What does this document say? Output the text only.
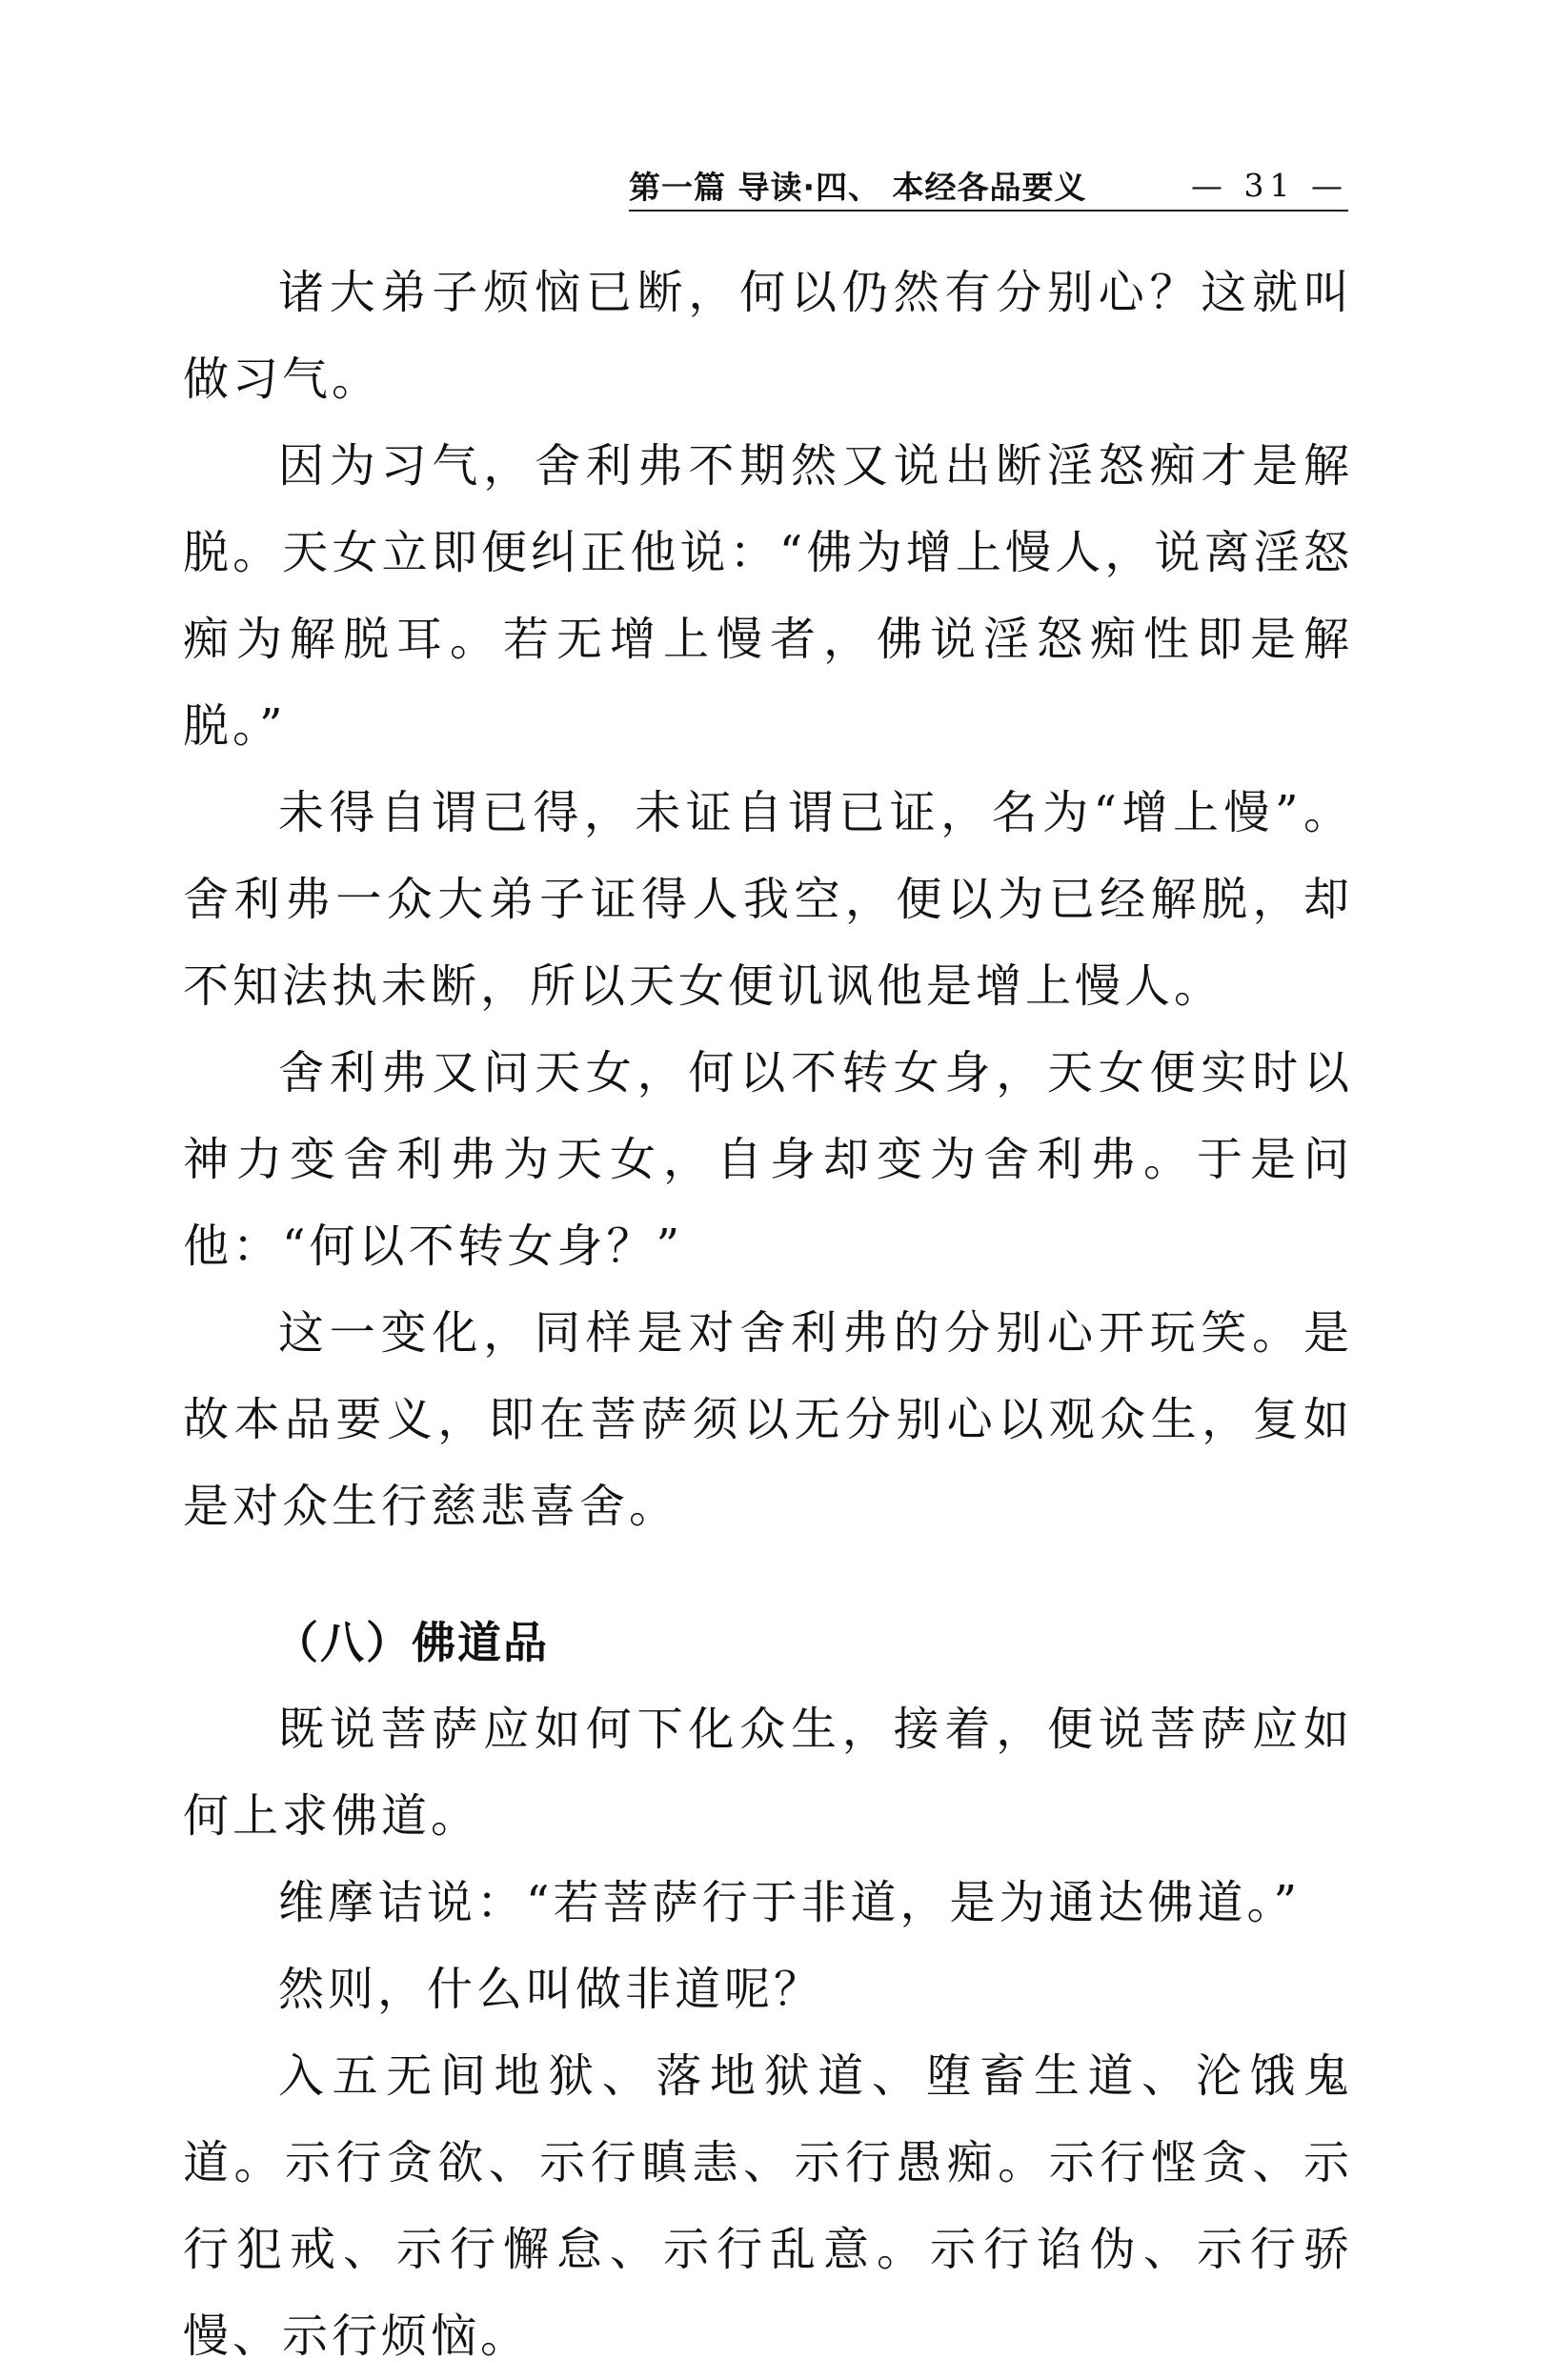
第一篇 导读·四、 本经各品要义	— 31 —

诸大弟子烦恼已断，何以仍然有分别心？这就叫做习气。

因为习气，舍利弗不期然又说出断淫怒痴才是解脱。天女立即便纠正他说：“佛为增上慢人，说离淫怒痴为解脱耳。若无增上慢者，佛说淫怒痴性即是解脱。”

未得自谓已得，未证自谓已证，名为“增上慢”。舍利弗一众大弟子证得人我空，便以为已经解脱，却不知法执未断，所以天女便讥讽他是增上慢人。

舍利弗又问天女，何以不转女身，天女便实时以神力变舍利弗为天女，自身却变为舍利弗。于是问他：“何以不转女身？”

这一变化，同样是对舍利弗的分别心开玩笑。是故本品要义，即在菩萨须以无分别心以观众生，复如是对众生行慈悲喜舍。

（八）佛道品

既说菩萨应如何下化众生，接着，便说菩萨应如何上求佛道。

维摩诘说：“若菩萨行于非道，是为通达佛道。”

然则，什么叫做非道呢？

入五无间地狱、落地狱道、堕畜生道、沦饿鬼道。示行贪欲、示行瞋恚、示行愚痴。示行悭贪、示行犯戒、示行懈怠、示行乱意。示行谄伪、示行骄慢、示行烦恼。
